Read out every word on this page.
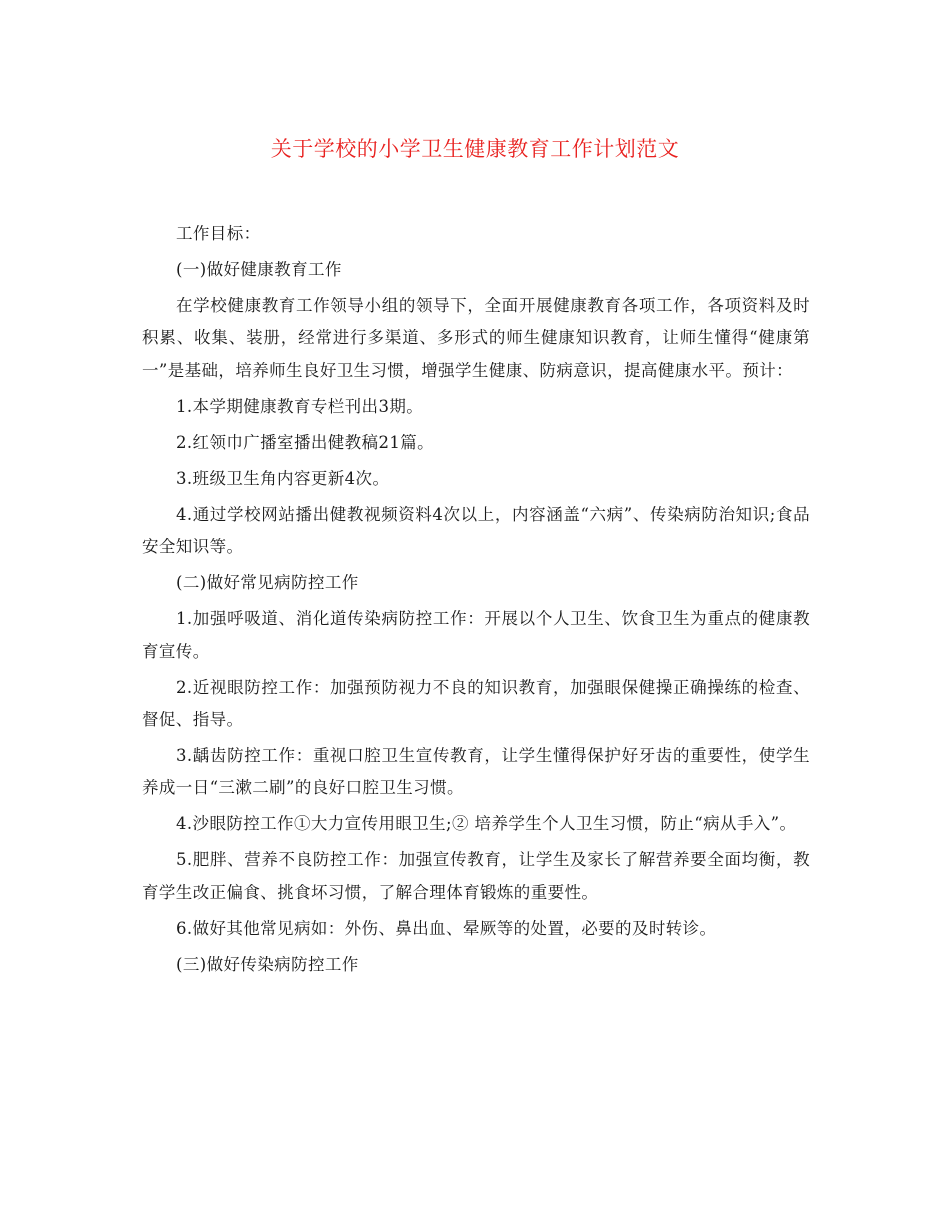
关于学校的小学卫生健康教育工作计划范文

工作目标：

(一)做好健康教育工作

在学校健康教育工作领导小组的领导下，全面开展健康教育各项工作，各项资料及时积累、收集、装册，经常进行多渠道、多形式的师生健康知识教育，让师生懂得“健康第一”是基础，培养师生良好卫生习惯，增强学生健康、防病意识，提高健康水平。预计：

1.本学期健康教育专栏刊出3期。

2.红领巾广播室播出健教稿21篇。

3.班级卫生角内容更新4次。

4.通过学校网站播出健教视频资料4次以上，内容涵盖“六病”、传染病防治知识;食品安全知识等。

(二)做好常见病防控工作

1.加强呼吸道、消化道传染病防控工作：开展以个人卫生、饮食卫生为重点的健康教育宣传。

2.近视眼防控工作：加强预防视力不良的知识教育，加强眼保健操正确操练的检查、督促、指导。

3.龋齿防控工作：重视口腔卫生宣传教育，让学生懂得保护好牙齿的重要性，使学生养成一日“三漱二刷”的良好口腔卫生习惯。

4.沙眼防控工作①大力宣传用眼卫生;② 培养学生个人卫生习惯，防止“病从手入”。

5.肥胖、营养不良防控工作：加强宣传教育，让学生及家长了解营养要全面均衡，教育学生改正偏食、挑食坏习惯，了解合理体育锻炼的重要性。

6.做好其他常见病如：外伤、鼻出血、晕厥等的处置，必要的及时转诊。

(三)做好传染病防控工作
